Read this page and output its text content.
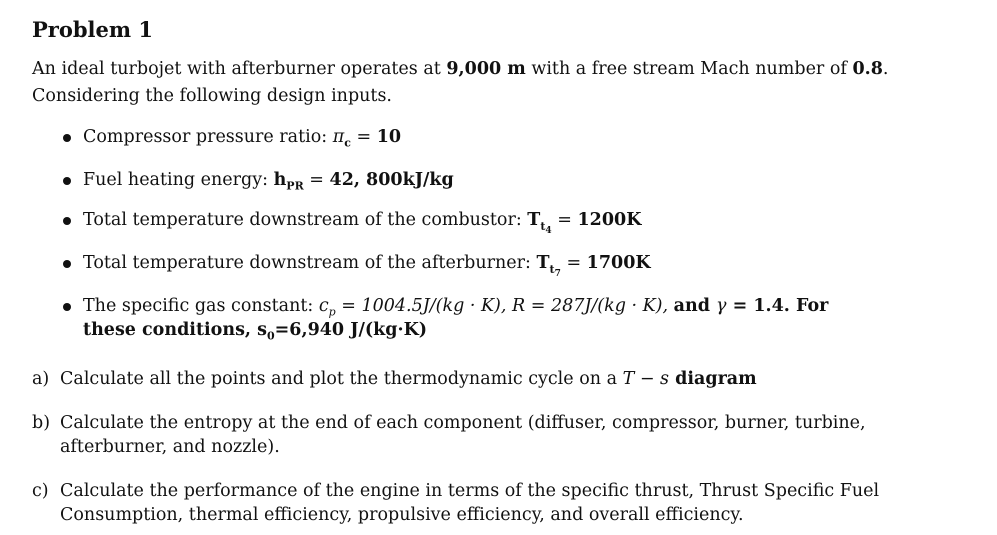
Problem 1
An ideal turbojet with afterburner operates at 9,000 m with a free stream Mach number of 0.8.
Considering the following design inputs.
Compressor pressure ratio: $\pi_c = 10$
Fuel heating energy: $h_{PR} = 42$, 800kJ/kg
Total temperature downstream of the combustor: $T_{t_4} = 1200K$
Total temperature downstream of the afterburner: $T_{t_7} = 1700K$
The specific gas constant: $c_p = 1004.5J/(kg \cdot K)$, R = 287J/(kg · K), and γ = 1.4. For
these conditions, $s_0=6,940$ J/(kg·K)
a) Calculate all the points and plot the thermodynamic cycle on a T − s diagram
b) Calculate the entropy at the end of each component (diffuser, compressor, burner, turbine, afterburner, and nozzle).
c) Calculate the performance of the engine in terms of the specific thrust, Thrust Specific Fuel Consumption, thermal efficiency, propulsive efficiency, and overall efficiency.
